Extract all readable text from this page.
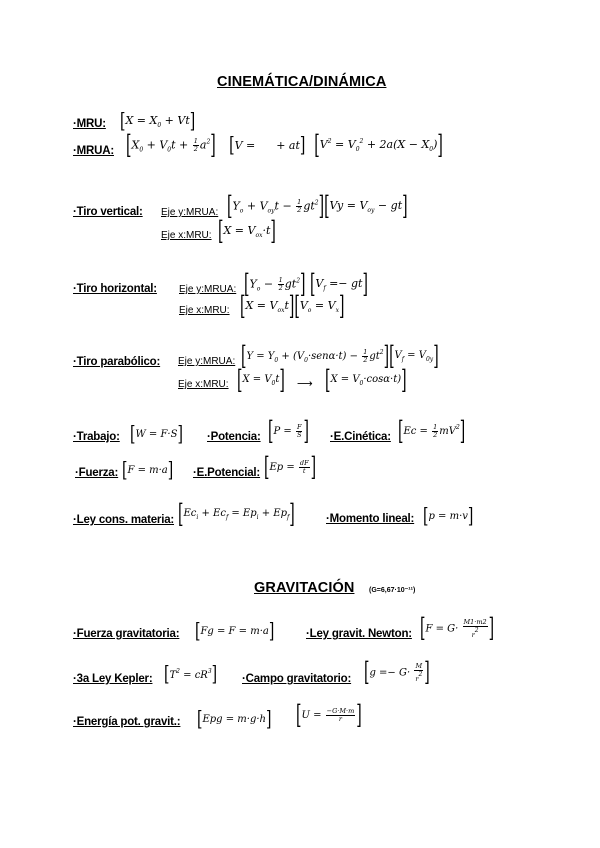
CINEMÁTICA/DINÁMICA
·MRU: $[X = X_0 + Vt]$
·MRUA: $[X_0 + V_0t + \frac{1}{2} a^2] [V$ =      + at] $[V^2 = V_0^2 + 2a(X - X_0)]$
·Tiro vertical: Eje y:MRUA: $[Y_o + V_{oy}t - \frac{1}{2} gt^2][Vy = V_{oy} - gt]$
Eje x:MRU: $[X = V_{ox}\cdot t]$
·Tiro horizontal: Eje y:MRUA: $[Y_o - \frac{1}{2} gt^2] [V_f =- gt]$
Eje x:MRU: $[X = V_{ox}t][V_o = V_x]$
·Tiro parabólico: Eje y:MRUA: $[Y = Y_0 + (V_0\cdot sen\alpha\cdot t) - \frac{1}{2} gt^2][V_f = V_{0y}]$
Eje x:MRU: $[X = V_0t]$ ⟶ $[X = V_0\cdot\cos\alpha\cdot t)$]
·Trabajo: [W = F·S] ·Potencia: [$P = \frac{F}{S}$ ] ·E.Cinética: $[Ec = \frac{1}{2} mV^2]$
·Fuerza: [F = m·a] ·E.Potencial: [$Ep = \frac{dF}{t}$ ]
·Ley cons. materia: $[Ec_i + Ec_f = Ep_i + Ep_f]$	·Momento lineal: [p = m·v]
GRAVITACIÓN (G=6,67·10⁻¹¹)
·Fuerza gravitatoria: [Fg = F = m·a]	·Ley gravit. Newton: [$F = G\cdot \frac{M1\cdot m2}{r^2}$ ]
·3a Ley Kepler: $[T^2 = cR^3]$ ·Campo gravitatorio: [$g =- G\cdot \frac{M}{r^2}$ ]
·Energía pot. gravit.: [Epg = m·g·h] [$U = \frac{-G\cdot M\cdot m}{r}$ ]
